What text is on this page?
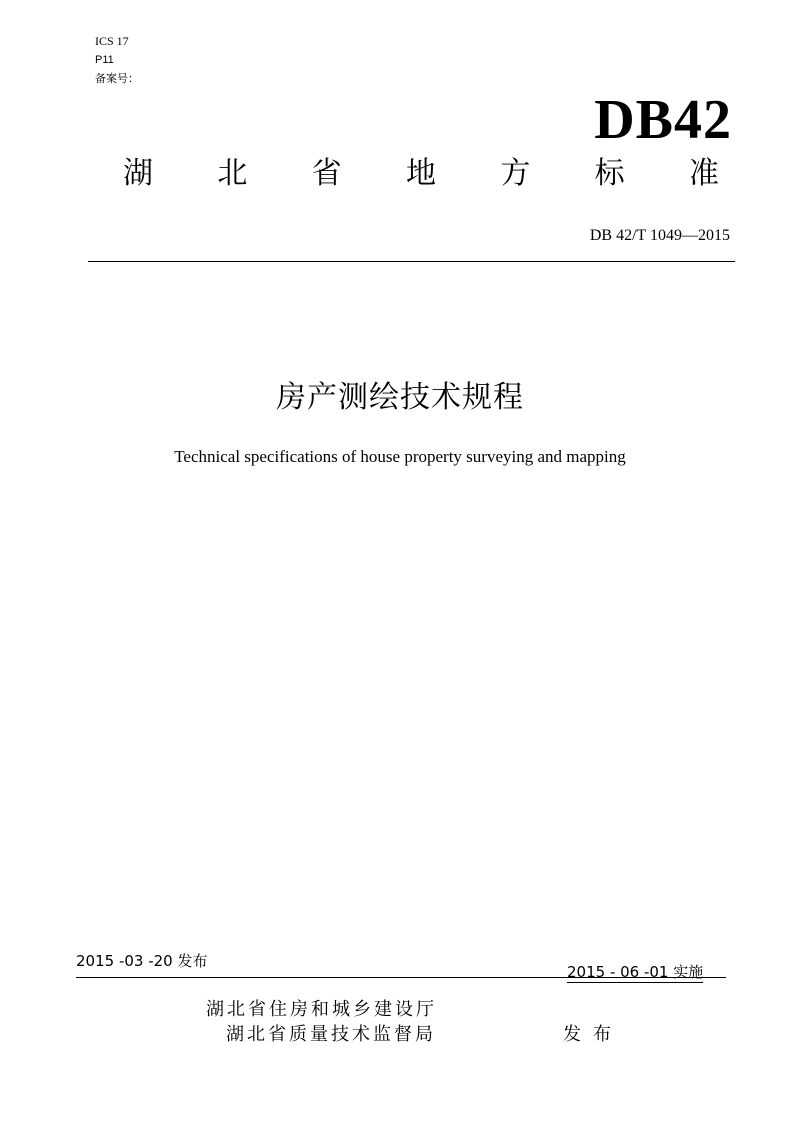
ICS 17
P11
备案号：
DB42
湖 北 省 地 方 标 准
DB 42/T 1049—2015
房产测绘技术规程
Technical specifications of house property surveying and mapping
2015 -03 -20 发布
2015 - 06 -01 实施
湖北省住房和城乡建设厅
湖北省质量技术监督局	发布
